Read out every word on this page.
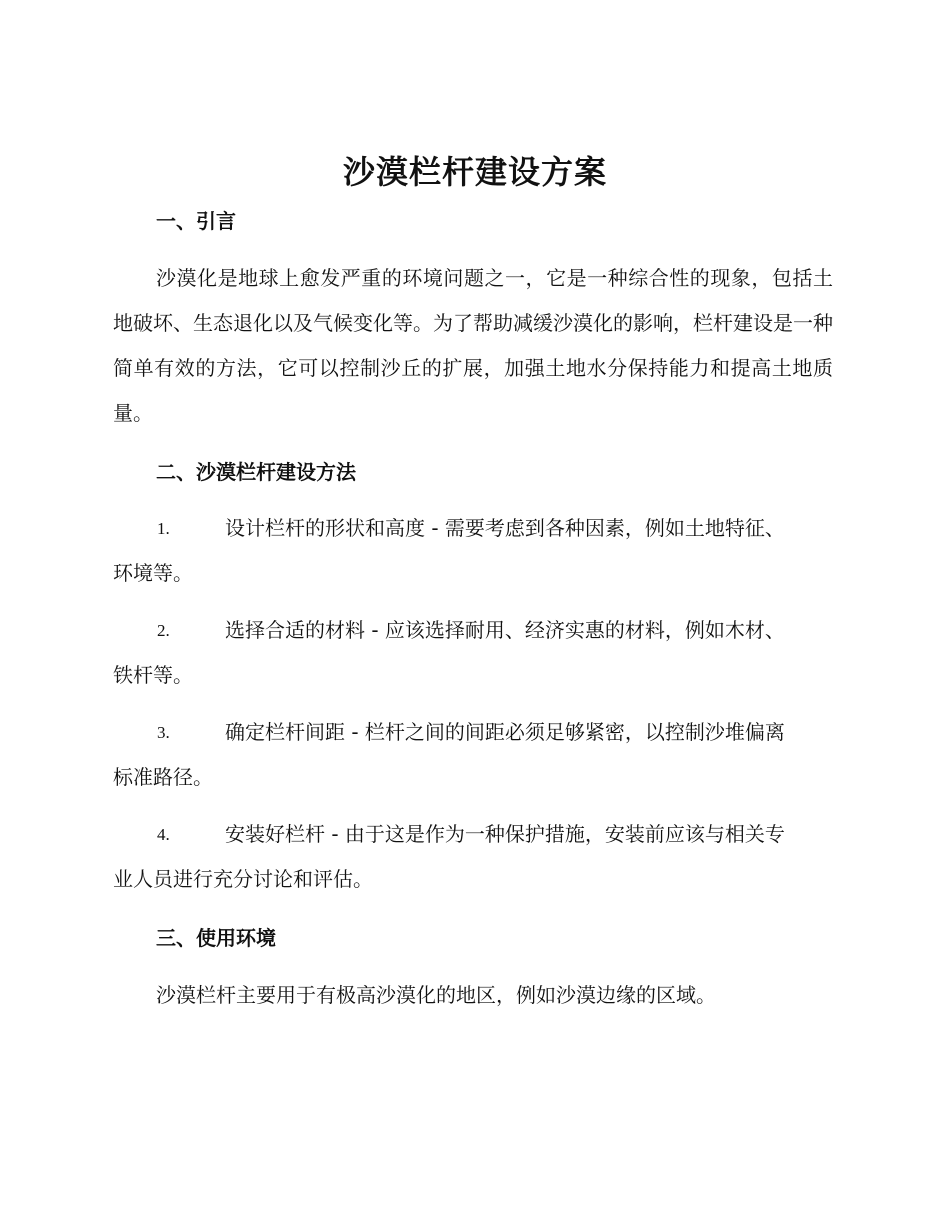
沙漠栏杆建设方案
一、引言

沙漠化是地球上愈发严重的环境问题之一，它是一种综合性的现象，包括土地破坏、生态退化以及气候变化等。为了帮助减缓沙漠化的影响，栏杆建设是一种简单有效的方法，它可以控制沙丘的扩展，加强土地水分保持能力和提高土地质量。

二、沙漠栏杆建设方法
1.	设计栏杆的形状和高度 - 需要考虑到各种因素，例如土地特征、
环境等。
2.	选择合适的材料 - 应该选择耐用、经济实惠的材料，例如木材、
铁杆等。
3.	确定栏杆间距 - 栏杆之间的间距必须足够紧密，以控制沙堆偏离
标准路径。
4.	安装好栏杆 - 由于这是作为一种保护措施，安装前应该与相关专
业人员进行充分讨论和评估。
三、使用环境

沙漠栏杆主要用于有极高沙漠化的地区，例如沙漠边缘的区域。
